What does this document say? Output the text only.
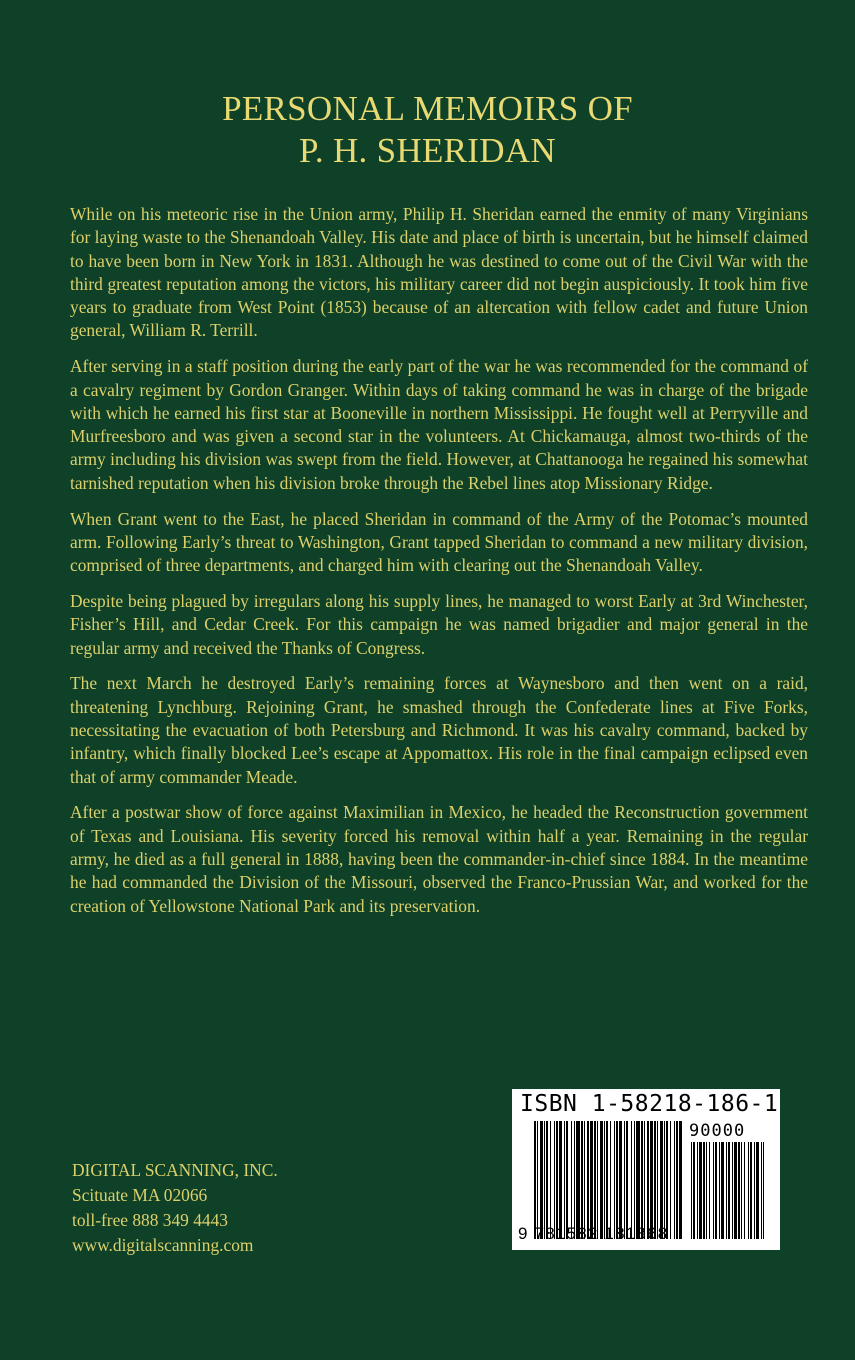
PERSONAL MEMOIRS OF
P. H. SHERIDAN

While on his meteoric rise in the Union army, Philip H. Sheridan earned the enmity of many Virginians for laying waste to the Shenandoah Valley. His date and place of birth is uncertain, but he himself claimed to have been born in New York in 1831. Although he was destined to come out of the Civil War with the third greatest reputation among the victors, his military career did not begin auspiciously. It took him five years to graduate from West Point (1853) because of an altercation with fellow cadet and future Union general, William R. Terrill.

After serving in a staff position during the early part of the war he was recommended for the command of a cavalry regiment by Gordon Granger. Within days of taking command he was in charge of the brigade with which he earned his first star at Booneville in northern Mississippi. He fought well at Perryville and Murfreesboro and was given a second star in the volunteers. At Chickamauga, almost two-thirds of the army including his division was swept from the field. However, at Chattanooga he regained his somewhat tarnished reputation when his division broke through the Rebel lines atop Missionary Ridge.

When Grant went to the East, he placed Sheridan in command of the Army of the Potomac’s mounted arm. Following Early’s threat to Washington, Grant tapped Sheridan to command a new military division, comprised of three departments, and charged him with clearing out the Shenandoah Valley.

Despite being plagued by irregulars along his supply lines, he managed to worst Early at 3rd Winchester, Fisher’s Hill, and Cedar Creek. For this campaign he was named brigadier and major general in the regular army and received the Thanks of Congress.

The next March he destroyed Early’s remaining forces at Waynesboro and then went on a raid, threatening Lynchburg. Rejoining Grant, he smashed through the Confederate lines at Five Forks, necessitating the evacuation of both Petersburg and Richmond. It was his cavalry command, backed by infantry, which finally blocked Lee’s escape at Appomattox. His role in the final campaign eclipsed even that of army commander Meade.

After a postwar show of force against Maximilian in Mexico, he headed the Reconstruction government of Texas and Louisiana. His severity forced his removal within half a year. Remaining in the regular army, he died as a full general in 1888, having been the commander-in-chief since 1884. In the meantime he had commanded the Division of the Missouri, observed the Franco-Prussian War, and worked for the creation of Yellowstone National Park and its preservation.

DIGITAL SCANNING, INC.
Scituate MA 02066
toll-free 888 349 4443
www.digitalscanning.com
ISBN 1-58218-186-1
90000
9 781582 181868
